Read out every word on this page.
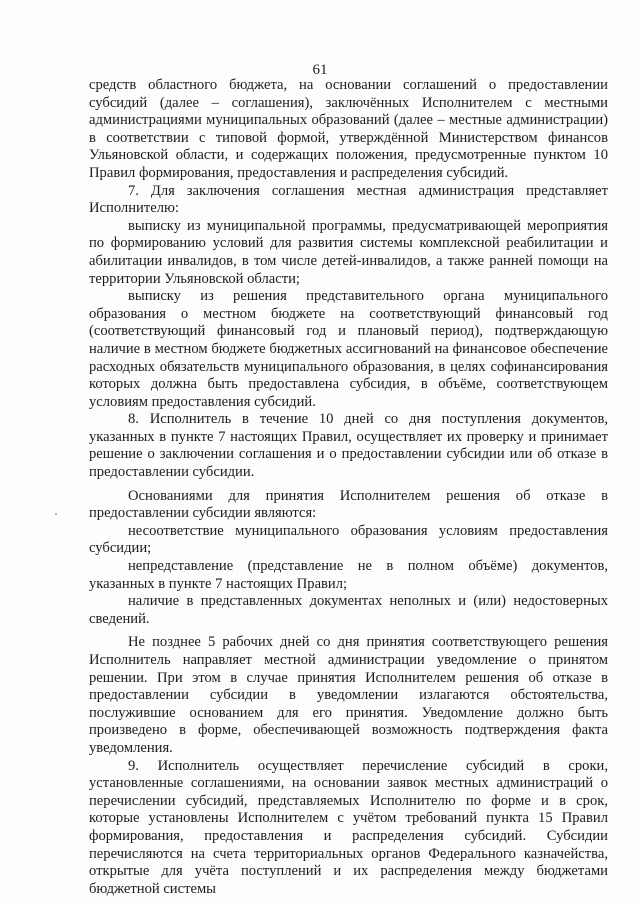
61

средств областного бюджета, на основании соглашений о предоставлении субсидий (далее – соглашения), заключённых Исполнителем с местными администрациями муниципальных образований (далее – местные администрации) в соответствии с типовой формой, утверждённой Министерством финансов Ульяновской области, и содержащих положения, предусмотренные пунктом 10 Правил формирования, предоставления и распределения субсидий.

7. Для заключения соглашения местная администрация представляет Исполнителю:

выписку из муниципальной программы, предусматривающей мероприятия по формированию условий для развития системы комплексной реабилитации и абилитации инвалидов, в том числе детей-инвалидов, а также ранней помощи на территории Ульяновской области;

выписку из решения представительного органа муниципального образования о местном бюджете на соответствующий финансовый год (соответствующий финансовый год и плановый период), подтверждающую наличие в местном бюджете бюджетных ассигнований на финансовое обеспечение расходных обязательств муниципального образования, в целях софинансирования которых должна быть предоставлена субсидия, в объёме, соответствующем условиям предоставления субсидий.

8. Исполнитель в течение 10 дней со дня поступления документов, указанных в пункте 7 настоящих Правил, осуществляет их проверку и принимает решение о заключении соглашения и о предоставлении субсидии или об отказе в предоставлении субсидии.

Основаниями для принятия Исполнителем решения об отказе в предоставлении субсидии являются:

несоответствие муниципального образования условиям предоставления субсидии;

непредставление (представление не в полном объёме) документов, указанных в пункте 7 настоящих Правил;

наличие в представленных документах неполных и (или) недостоверных сведений.

Не позднее 5 рабочих дней со дня принятия соответствующего решения Исполнитель направляет местной администрации уведомление о принятом решении. При этом в случае принятия Исполнителем решения об отказе в предоставлении субсидии в уведомлении излагаются обстоятельства, послужившие основанием для его принятия. Уведомление должно быть произведено в форме, обеспечивающей возможность подтверждения факта уведомления.

9. Исполнитель осуществляет перечисление субсидий в сроки, установленные соглашениями, на основании заявок местных администраций о перечислении субсидий, представляемых Исполнителю по форме и в срок, которые установлены Исполнителем с учётом требований пункта 15 Правил формирования, предоставления и распределения субсидий. Субсидии перечисляются на счета территориальных органов Федерального казначейства, открытые для учёта поступлений и их распределения между бюджетами бюджетной системы
